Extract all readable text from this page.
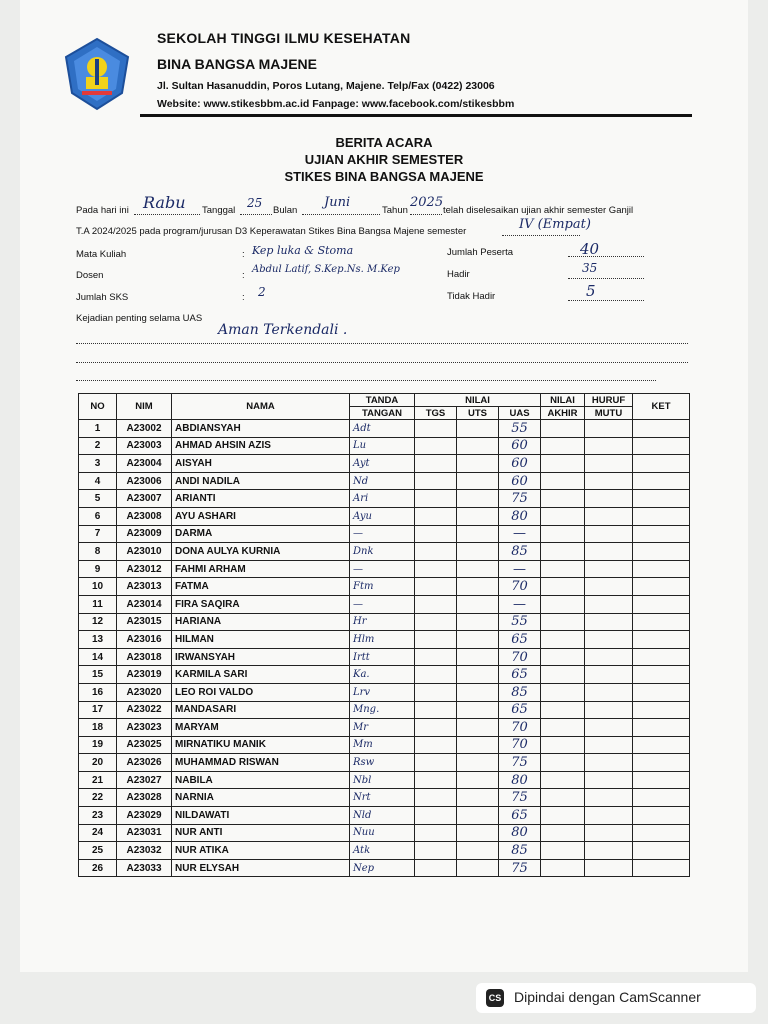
SEKOLAH TINGGI ILMU KESEHATAN
BINA BANGSA MAJENE
Jl. Sultan Hasanuddin, Poros Lutang, Majene. Telp/Fax (0422) 23006
Website: www.stikesbbm.ac.id Fanpage: www.facebook.com/stikesbbm
BERITA ACARA
UJIAN AKHIR SEMESTER
STIKES BINA BANGSA MAJENE
Pada hari ini Rabu Tanggal
25
Bulan
Juni
Tahun
2025
telah diselesaikan ujian akhir semester Ganjil
T.A 2024/2025 pada program/jurusan D3 Keperawatan Stikes Bina Bangsa Majene semester	IV (Empat)
Mata Kuliah	: Kep luka & Stoma
Dosen	:
Abdul Latif, S.Kep.Ns. M.Kep
Jumlah SKS	: 2
Jumlah Peserta	40
Hadir	35
Tidak Hadir	5
Kejadian penting selama UAS
Aman Terkendali .
NO	NIM	NAMA	TANDA	NILAI			NILAI	HURUF	KET
			TANGAN	TGS	UTS	UAS	AKHIR	MUTU	
1	A23002	ABDIANSYAH	Adt			55			
2	A23003	AHMAD AHSIN AZIS	Lu			60			
3	A23004	AISYAH	Ayt			60			
4	A23006	ANDI NADILA	Nd			60			
5	A23007	ARIANTI	Ari			75			
6	A23008	AYU ASHARI	Ayu			80			
7	A23009	DARMA	—			—			
8	A23010	DONA AULYA KURNIA	Dnk			85			
9	A23012	FAHMI ARHAM	—			—			
10	A23013	FATMA	Ftm			70			
11	A23014	FIRA SAQIRA	—			—			
12	A23015	HARIANA	Hr			55			
13	A23016	HILMAN	Hlm			65			
14	A23018	IRWANSYAH	Irtt			70			
15	A23019	KARMILA SARI	Ka.			65			
16	A23020	LEO ROI VALDO	Lrv			85			
17	A23022	MANDASARI	Mng.			65			
18	A23023	MARYAM	Mr			70			
19	A23025	MIRNATIKU MANIK	Mm			70			
20	A23026	MUHAMMAD RISWAN	Rsw			75			
21	A23027	NABILA	Nbl			80			
22	A23028	NARNIA	Nrt			75			
23	A23029	NILDAWATI	Nld			65			
24	A23031	NUR ANTI	Nuu			80			
25	A23032	NUR ATIKA	Atk			85			
26	A23033	NUR ELYSAH	Nep			75			
CS Dipindai dengan CamScanner
